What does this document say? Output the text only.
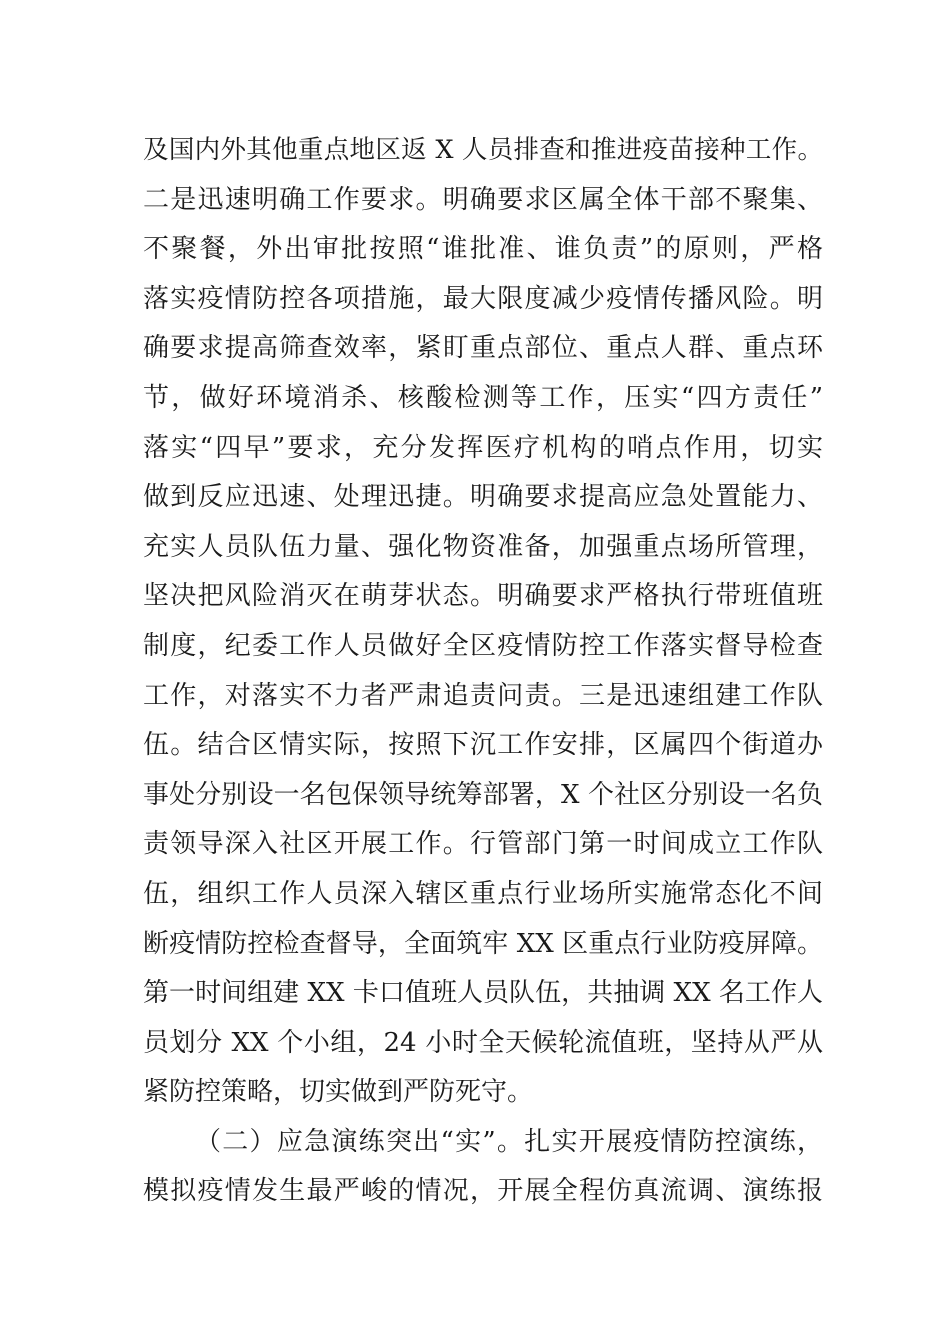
及国内外其他重点地区返 X 人员排查和推进疫苗接种工作。
二是迅速明确工作要求。明确要求区属全体干部不聚集、
不聚餐，外出审批按照“谁批准、谁负责”的原则，严格
落实疫情防控各项措施，最大限度减少疫情传播风险。明
确要求提高筛查效率，紧盯重点部位、重点人群、重点环
节，做好环境消杀、核酸检测等工作，压实“四方责任”
落实“四早”要求，充分发挥医疗机构的哨点作用，切实
做到反应迅速、处理迅捷。明确要求提高应急处置能力、
充实人员队伍力量、强化物资准备，加强重点场所管理，
坚决把风险消灭在萌芽状态。明确要求严格执行带班值班
制度，纪委工作人员做好全区疫情防控工作落实督导检查
工作，对落实不力者严肃追责问责。三是迅速组建工作队
伍。结合区情实际，按照下沉工作安排，区属四个街道办
事处分别设一名包保领导统筹部署，X 个社区分别设一名负
责领导深入社区开展工作。行管部门第一时间成立工作队
伍，组织工作人员深入辖区重点行业场所实施常态化不间
断疫情防控检查督导，全面筑牢 XX 区重点行业防疫屏障。
第一时间组建 XX 卡口值班人员队伍，共抽调 XX 名工作人
员划分 XX 个小组，24 小时全天候轮流值班，坚持从严从
紧防控策略，切实做到严防死守。
（二）应急演练突出“实”。扎实开展疫情防控演练，
模拟疫情发生最严峻的情况，开展全程仿真流调、演练报
